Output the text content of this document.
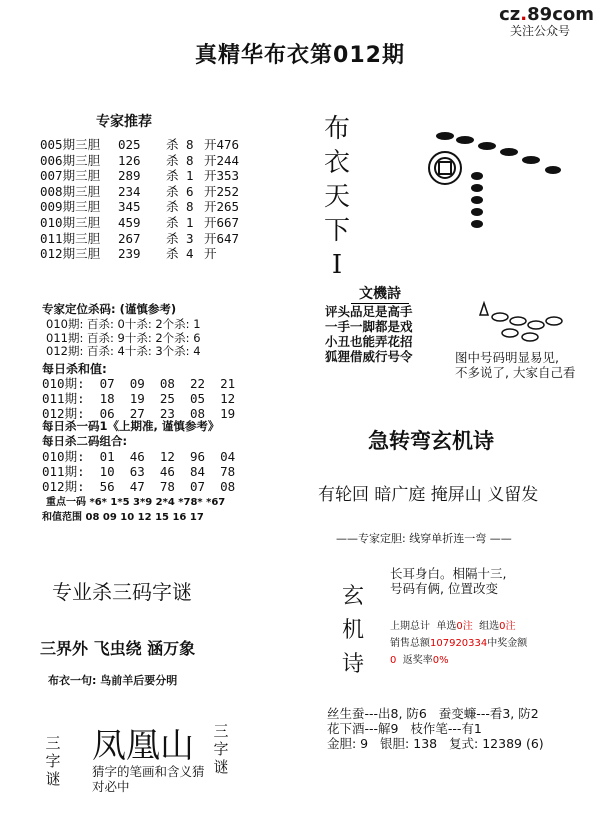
cz.89com
关注公众号
真精华布衣第012期
专家推荐
005期三胆 025 杀 8 开476
006期三胆 126 杀 8 开244
007期三胆 289 杀 1 开353
008期三胆 234 杀 6 开252
009期三胆 345 杀 8 开265
010期三胆 459 杀 1 开667
011期三胆 267 杀 3 开647
012期三胆 239 杀 4 开
专家定位杀码: (谨慎参考)
010期: 百杀: 0十杀: 2个杀: 1
011期: 百杀: 9十杀: 2个杀: 6
012期: 百杀: 4十杀: 3个杀: 4
每日杀和值:
010期:  07  09  08  22  21
011期:  18  19  25  05  12
012期:  06  27  23  08  19
每日杀一码1《上期准, 谨慎参考》
每日杀二码组合:
010期:  01  46  12  96  04
011期:  10  63  46  84  78
012期:  56  47  78  07  08
重点一码 *6* 1*5 3*9 2*4 *78* *67
和值范围 08 09 10 12 15 16 17
布
衣
天
下
I
文機詩
评头品足是高手
一手一脚都是戏
小丑也能弄花招
狐狸借威行号令	图中号码明显易见,
不多说了, 大家自己看
急转弯玄机诗
有轮回 暗广庭 掩屏山 义留发
——专家定胆: 线穿单折连一弯 ——
玄
机
诗
长耳身白。相隔十三,
号码有俩, 位置改变
上期总计 单选0注 组选0注
销售总额107920334中奖金额
0 返奖率0%
丝生蚕---出8, 防6   蚕变蠊---看3, 防2
花下酒---解9   枝作笔---有1
金胆: 9   银胆: 138   复式: 12389 (6)
专业杀三码字谜
三界外 飞虫绕 涵万象
布衣一句: 鸟前羊后要分明
三
字
谜
凤凰山 三
字
谜
猜字的笔画和含义猜
对必中
